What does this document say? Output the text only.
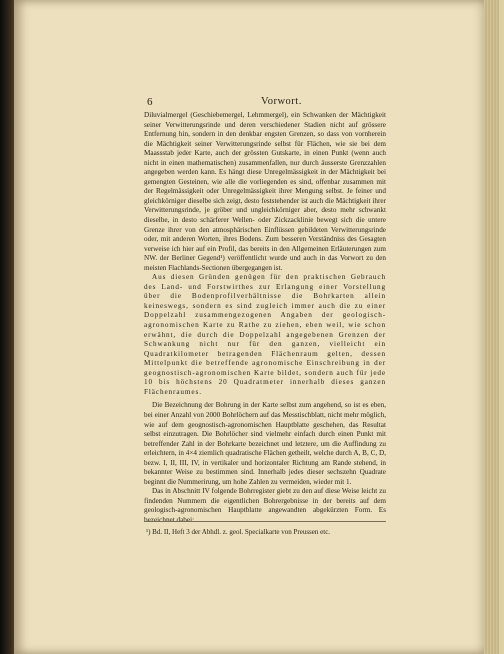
6	Vorwort.

Diluvialmergel (Geschiebemergel, Lehmmergel), ein Schwanken der Mächtigkeit seiner Verwitterungsrinde und deren verschiedener Stadien nicht auf grössere Entfernung hin, sondern in den denkbar engsten Grenzen, so dass von vornherein die Mächtigkeit seiner Verwitterungsrinde selbst für Flächen, wie sie bei dem Maassstab jeder Karte, auch der grössten Gutskarte, in einen Punkt (wenn auch nicht in einen mathematischen) zusammenfallen, nur durch äusserste Grenzzahlen angegeben werden kann. Es hängt diese Unregelmässigkeit in der Mächtigkeit bei gemengten Gesteinen, wie alle die vorliegenden es sind, offenbar zusammen mit der Regelmässigkeit oder Unregelmässigkeit ihrer Mengung selbst. Je feiner und gleichkörniger dieselbe sich zeigt, desto feststehender ist auch die Mächtigkeit ihrer Verwitterungsrinde, je gröber und ungleichkörniger aber, desto mehr schwankt dieselbe, in desto schärferer Wellen- oder Zickzacklinie bewegt sich die untere Grenze ihrer von den atmosphärischen Einflüssen gebildeten Verwitterungsrinde oder, mit anderen Worten, ihres Bodens. Zum besseren Verständniss des Gesagten verweise ich hier auf ein Profil, das bereits in den Allgemeinen Erläuterungen zum NW. der Berliner Gegend¹) veröffentlicht wurde und auch in das Vorwort zu den meisten Flachlands-Sectionen übergegangen ist.

Aus diesen Gründen genügen für den praktischen Gebrauch des Land- und Forstwirthes zur Erlangung einer Vorstellung über die Bodenprofilverhältnisse die Bohrkarten allein keineswegs, sondern es sind zugleich immer auch die zu einer Doppelzahl zusammengezogenen Angaben der geologisch-agronomischen Karte zu Rathe zu ziehen, eben weil, wie schon erwähnt, die durch die Doppelzahl angegebenen Grenzen der Schwankung nicht nur für den ganzen, vielleicht ein Quadratkilometer betragenden Flächenraum gelten, dessen Mittelpunkt die betreffende agronomische Einschreibung in der geognostisch-agronomischen Karte bildet, sondern auch für jede 10 bis höchstens 20 Quadratmeter innerhalb dieses ganzen Flächenraumes.

Die Bezeichnung der Bohrung in der Karte selbst zum angehend, so ist es eben, bei einer Anzahl von 2000 Bohrlöchern auf das Messtischblatt, nicht mehr möglich, wie auf dem geognostisch-agronomischen Hauptblatte geschehen, das Resultat selbst einzutragen. Die Bohrlöcher sind vielmehr einfach durch einen Punkt mit betreffender Zahl in der Bohrkarte bezeichnet und letztere, um die Auffindung zu erleichtern, in 4×4 ziemlich quadratische Flächen getheilt, welche durch A, B, C, D, bezw. I, II, III, IV, in vertikaler und horizontaler Richtung am Rande stehend, in bekannter Weise zu bestimmen sind. Innerhalb jedes dieser sechszehn Quadrate beginnt die Nummerirung, um hohe Zahlen zu vermeiden, wieder mit 1.

Das in Abschnitt IV folgende Bohrregister giebt zu den auf diese Weise leicht zu findenden Nummern die eigentlichen Bohrergebnisse in der bereits auf dem geologisch-agronomischen Hauptblatte angewandten abgekürzten Form. Es bezeichnet dabei:

¹) Bd. II, Heft 3 der Abhdl. z. geol. Specialkarte von Preussen etc.
